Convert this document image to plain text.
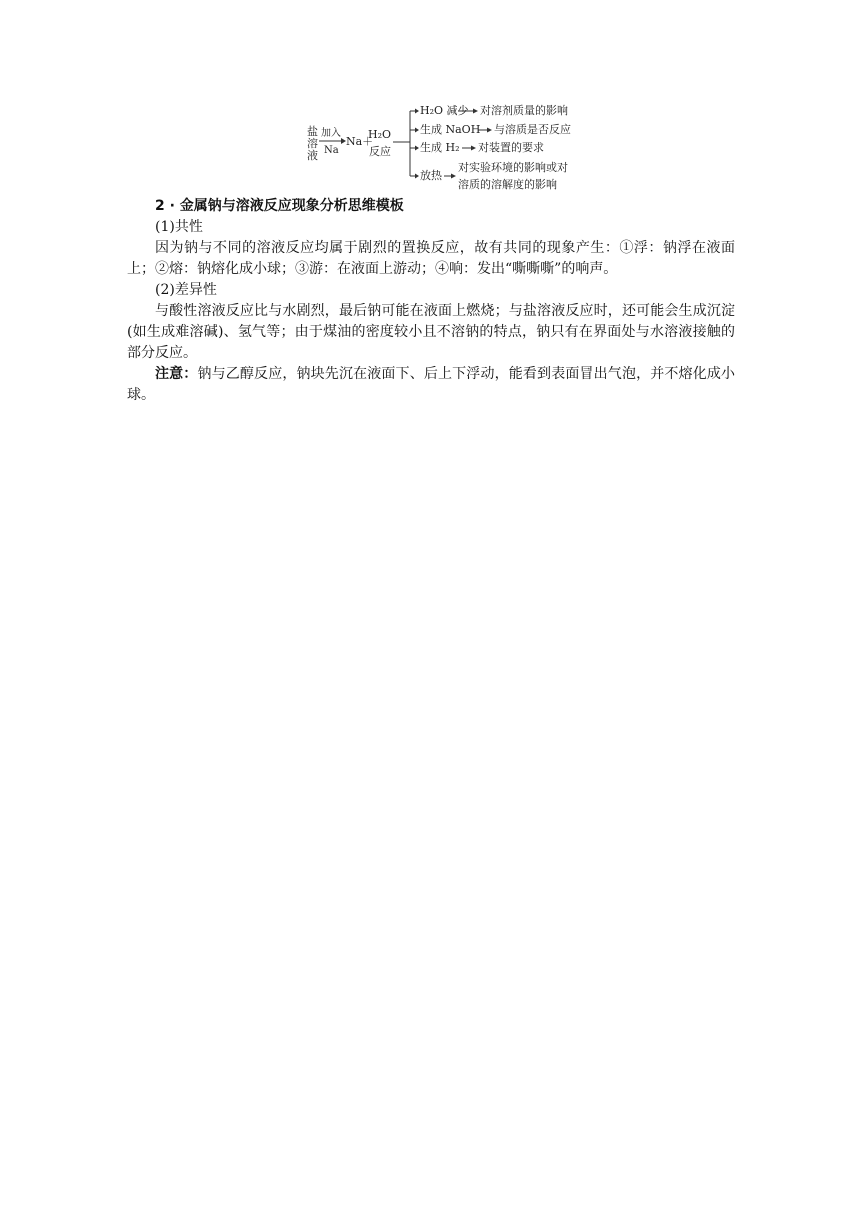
盐溶液
加入
Na
Na＋
H₂O
反应
H₂O 减少 对溶剂质量的影响
生成 NaOH 与溶质是否反应
生成 H₂ 对装置的要求
放热
对实验环境的影响或对
溶质的溶解度的影响

2 · 金属钠与溶液反应现象分析思维模板

(1)共性

因为钠与不同的溶液反应均属于剧烈的置换反应，故有共同的现象产生：①浮：钠浮在液面上；②熔：钠熔化成小球；③游：在液面上游动；④响：发出“嘶嘶嘶”的响声。

(2)差异性

与酸性溶液反应比与水剧烈，最后钠可能在液面上燃烧；与盐溶液反应时，还可能会生成沉淀(如生成难溶碱)、氢气等；由于煤油的密度较小且不溶钠的特点，钠只有在界面处与水溶液接触的部分反应。

注意：钠与乙醇反应，钠块先沉在液面下、后上下浮动，能看到表面冒出气泡，并不熔化成小球。
